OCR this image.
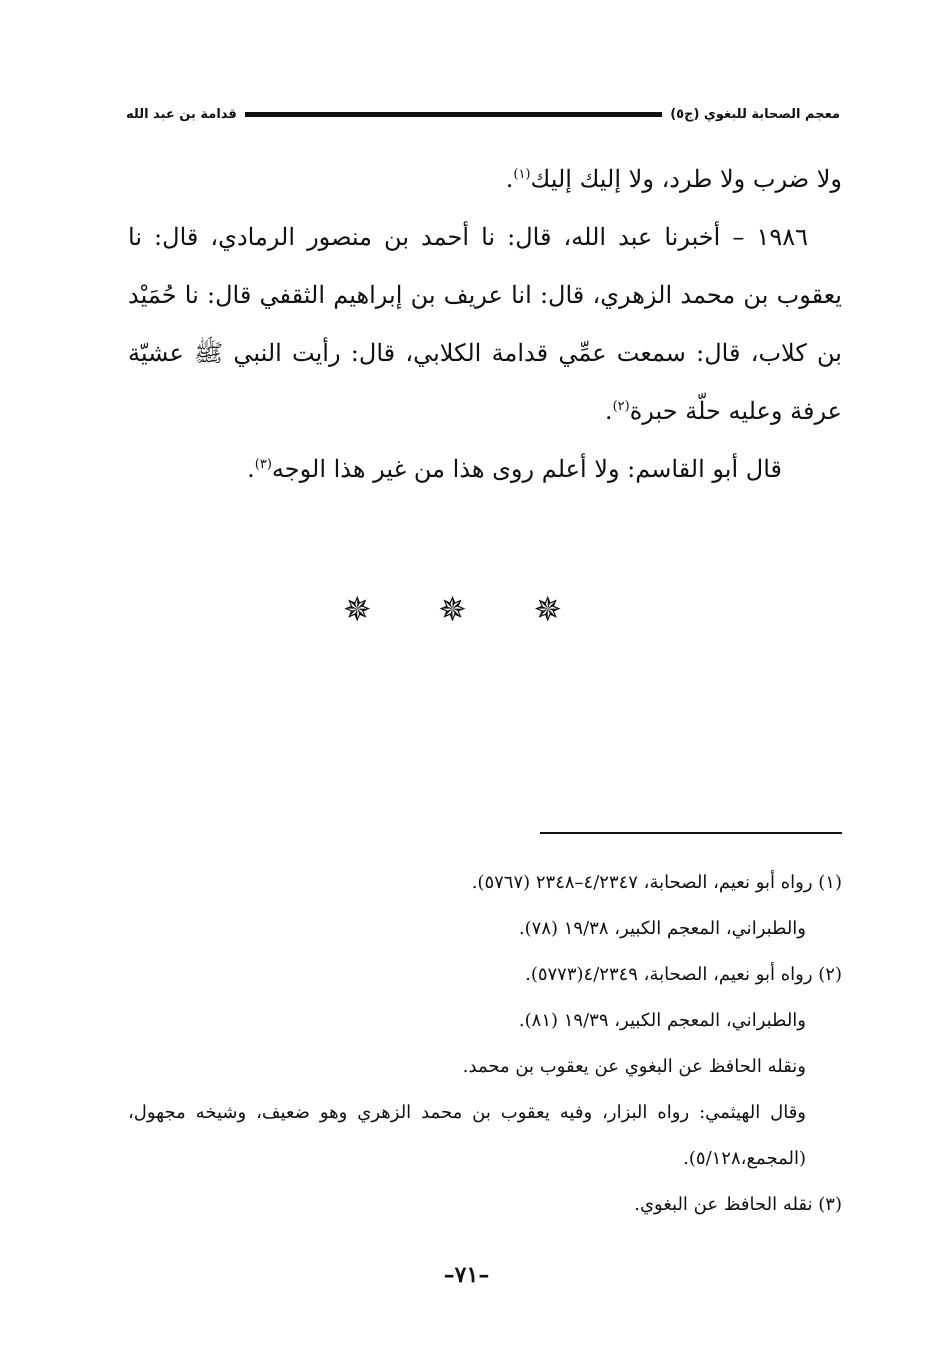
معجم الصحابة للبغوي (ج٥)
قدامة بن عبد الله

ولا ضرب ولا طرد، ولا إليك إليك$^{(١)}$.

١٩٨٦ – أخبرنا عبد الله، قال: نا أحمد بن منصور الرمادي، قال: نا يعقوب بن محمد الزهري، قال: انا عريف بن إبراهيم الثقفي قال: نا حُمَيْد بن كلاب، قال: سمعت عمِّي قدامة الكلابي، قال: رأيت النبي ﷺ عشيّة عرفة وعليه حلّة حبرة$^{(٢)}$.

قال أبو القاسم: ولا أعلم روى هذا من غير هذا الوجه$^{(٣)}$.

✵ ✵ ✵

(١) رواه أبو نعيم، الصحابة، ٤/٢٣٤٧–٢٣٤٨ (٥٧٦٧).

والطبراني، المعجم الكبير، ١٩/٣٨ (٧٨).

(٢) رواه أبو نعيم، الصحابة، ٤/٢٣٤٩(٥٧٧٣).

والطبراني، المعجم الكبير، ١٩/٣٩ (٨١).

ونقله الحافظ عن البغوي عن يعقوب بن محمد.

وقال الهيثمي: رواه البزار، وفيه يعقوب بن محمد الزهري وهو ضعيف، وشيخه مجهول، (المجمع،٥/١٢٨).

(٣) نقله الحافظ عن البغوي.

–٧١–
